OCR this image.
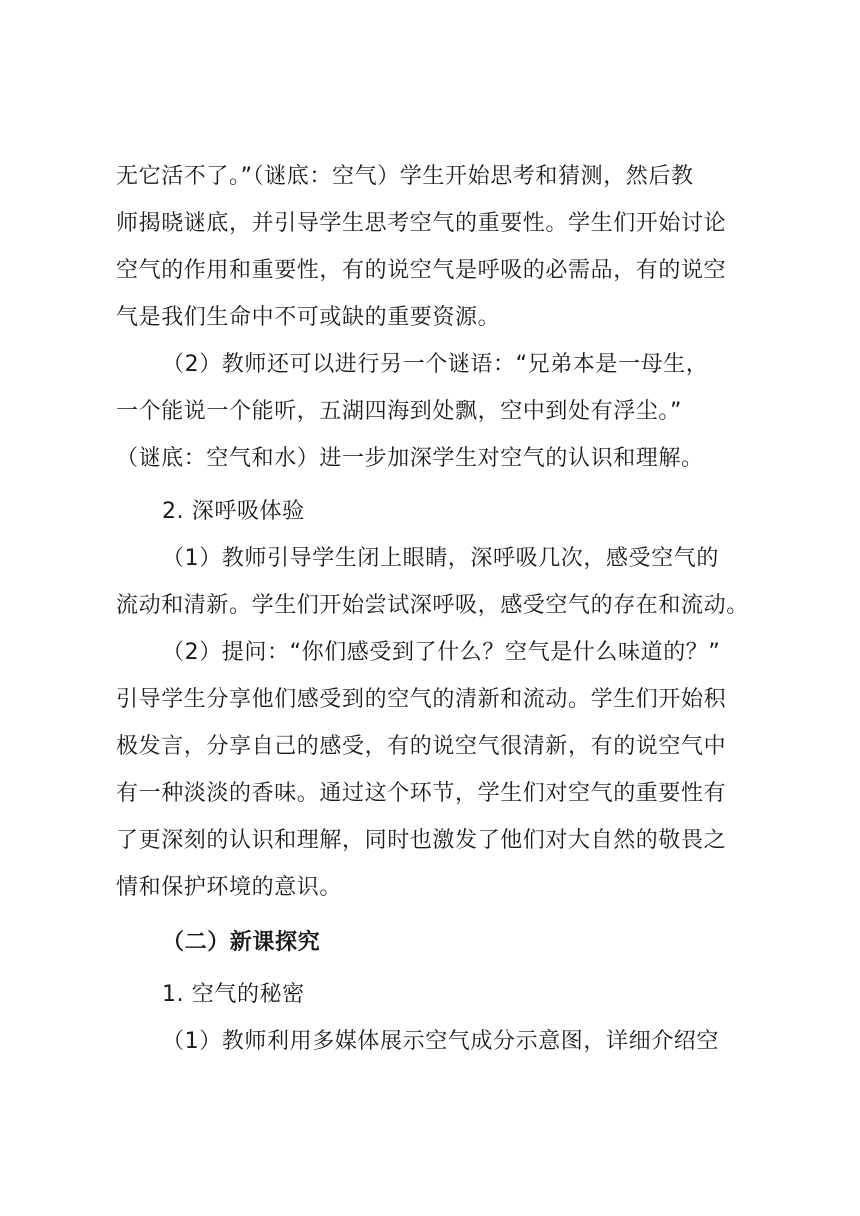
无它活不了。”（谜底：空气）学生开始思考和猜测，然后教
师揭晓谜底，并引导学生思考空气的重要性。学生们开始讨论
空气的作用和重要性，有的说空气是呼吸的必需品，有的说空
气是我们生命中不可或缺的重要资源。
（2）教师还可以进行另一个谜语：“兄弟本是一母生，
一个能说一个能听，五湖四海到处飘，空中到处有浮尘。”
（谜底：空气和水）进一步加深学生对空气的认识和理解。
2. 深呼吸体验
（1）教师引导学生闭上眼睛，深呼吸几次，感受空气的
流动和清新。学生们开始尝试深呼吸，感受空气的存在和流动。
（2）提问：“你们感受到了什么？空气是什么味道的？”
引导学生分享他们感受到的空气的清新和流动。学生们开始积
极发言，分享自己的感受，有的说空气很清新，有的说空气中
有一种淡淡的香味。通过这个环节，学生们对空气的重要性有
了更深刻的认识和理解，同时也激发了他们对大自然的敬畏之
情和保护环境的意识。
（二）新课探究
1. 空气的秘密
（1）教师利用多媒体展示空气成分示意图，详细介绍空
